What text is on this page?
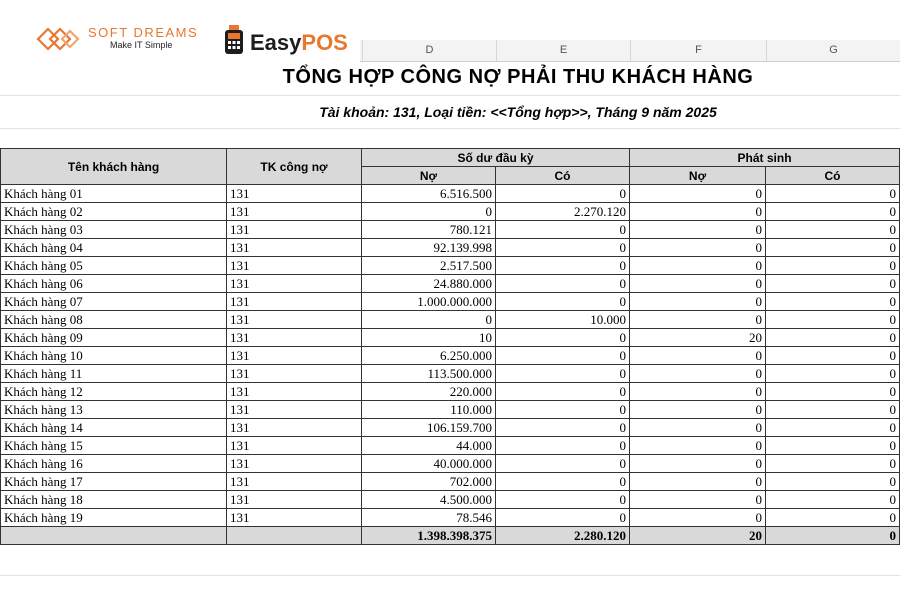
D	E	F	G
SOFT DREAMS
Make IT Simple	EasyPOS
TỔNG HỢP CÔNG NỢ PHẢI THU KHÁCH HÀNG
Tài khoản: 131, Loại tiền: <<Tổng hợp>>, Tháng 9 năm 2025
Tên khách hàng	TK công nợ	Số dư đầu kỳ		Phát sinh	
		Nợ	Có	Nợ	Có
Khách hàng 01	131	6.516.500	0	0	0
Khách hàng 02	131	0	2.270.120	0	0
Khách hàng 03	131	780.121	0	0	0
Khách hàng 04	131	92.139.998	0	0	0
Khách hàng 05	131	2.517.500	0	0	0
Khách hàng 06	131	24.880.000	0	0	0
Khách hàng 07	131	1.000.000.000	0	0	0
Khách hàng 08	131	0	10.000	0	0
Khách hàng 09	131	10	0	20	0
Khách hàng 10	131	6.250.000	0	0	0
Khách hàng 11	131	113.500.000	0	0	0
Khách hàng 12	131	220.000	0	0	0
Khách hàng 13	131	110.000	0	0	0
Khách hàng 14	131	106.159.700	0	0	0
Khách hàng 15	131	44.000	0	0	0
Khách hàng 16	131	40.000.000	0	0	0
Khách hàng 17	131	702.000	0	0	0
Khách hàng 18	131	4.500.000	0	0	0
Khách hàng 19	131	78.546	0	0	0
		1.398.398.375	2.280.120	20	0
